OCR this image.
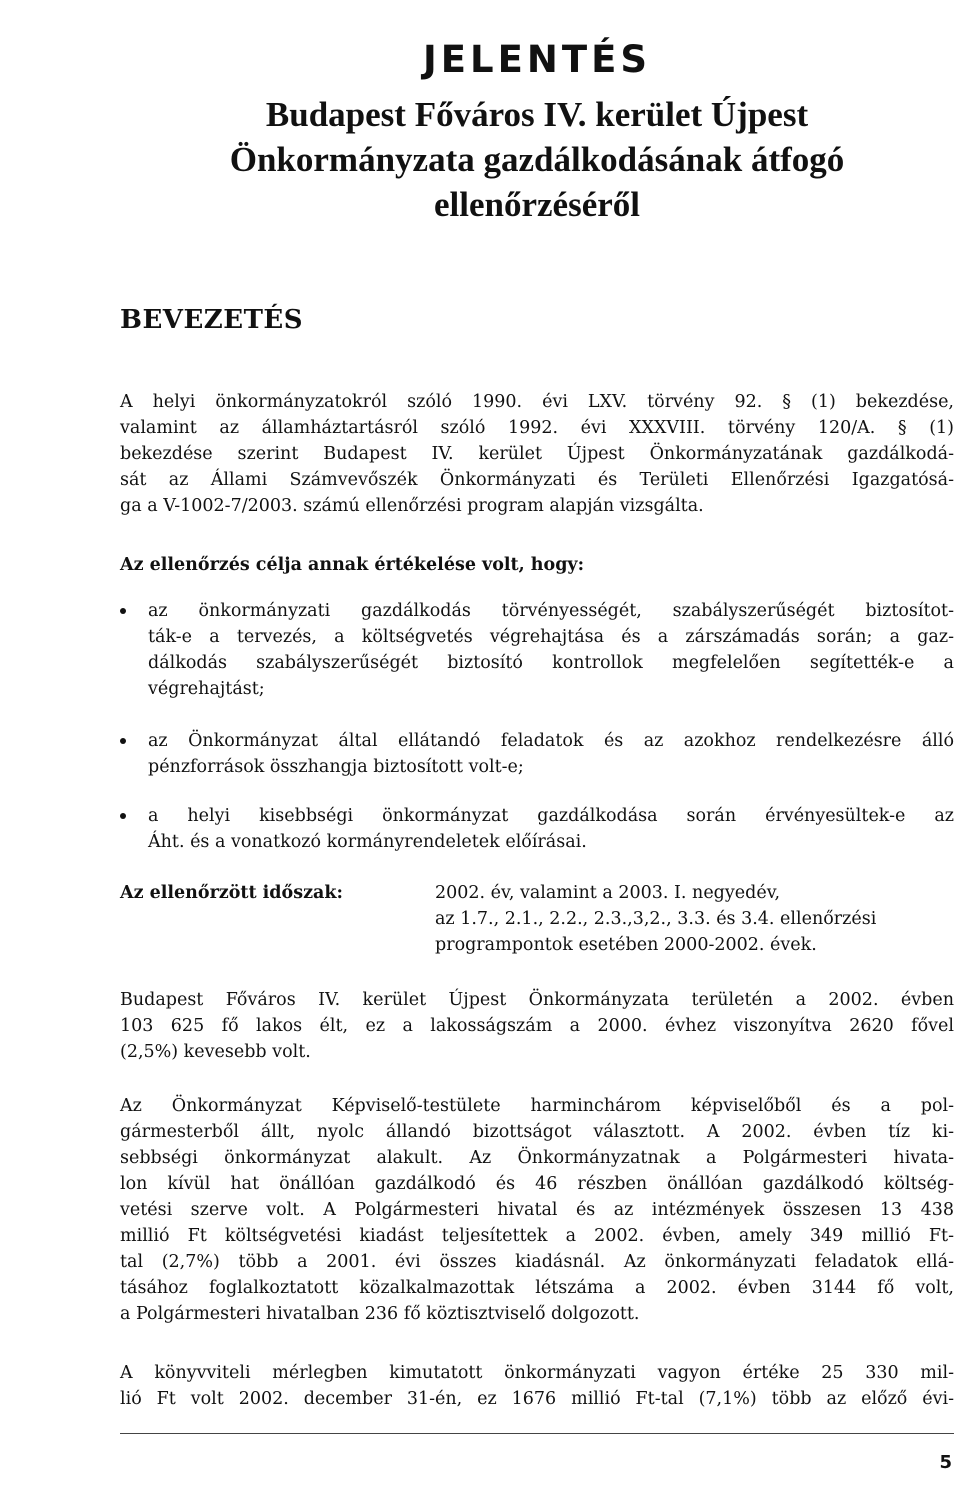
JELENTÉS
Budapest Főváros IV. kerület Újpest
Önkormányzata gazdálkodásának átfogó
ellenőrzéséről
BEVEZETÉS
A helyi önkormányzatokról szóló 1990. évi LXV. törvény 92. § (1) bekezdése,
valamint az államháztartásról szóló 1992. évi XXXVIII. törvény 120/A. § (1)
bekezdése szerint Budapest IV. kerület Újpest Önkormányzatának gazdálkodá-
sát az Állami Számvevőszék Önkormányzati és Területi Ellenőrzési Igazgatósá-
ga a V-1002-7/2003. számú ellenőrzési program alapján vizsgálta.
Az ellenőrzés célja annak értékelése volt, hogy:
az önkormányzati gazdálkodás törvényességét, szabályszerűségét biztosítot-
ták-e a tervezés, a költségvetés végrehajtása és a zárszámadás során; a gaz-
dálkodás szabályszerűségét biztosító kontrollok megfelelően segítették-e a
végrehajtást;
az Önkormányzat által ellátandó feladatok és az azokhoz rendelkezésre álló
pénzforrások összhangja biztosított volt-e;
a helyi kisebbségi önkormányzat gazdálkodása során érvényesültek-e az
Áht. és a vonatkozó kormányrendeletek előírásai.
Az ellenőrzött időszak:	2002. év, valamint a 2003. I. negyedév,
az 1.7., 2.1., 2.2., 2.3.,3,2., 3.3. és 3.4. ellenőrzési
programpontok esetében 2000-2002. évek.
Budapest Főváros IV. kerület Újpest Önkormányzata területén a 2002. évben
103 625 fő lakos élt, ez a lakosságszám a 2000. évhez viszonyítva 2620 fővel
(2,5%) kevesebb volt.
Az Önkormányzat Képviselő-testülete harminchárom képviselőből és a pol-
gármesterből állt, nyolc állandó bizottságot választott. A 2002. évben tíz ki-
sebbségi önkormányzat alakult. Az Önkormányzatnak a Polgármesteri hivata-
lon kívül hat önállóan gazdálkodó és 46 részben önállóan gazdálkodó költség-
vetési szerve volt. A Polgármesteri hivatal és az intézmények összesen 13 438
millió Ft költségvetési kiadást teljesítettek a 2002. évben, amely 349 millió Ft-
tal (2,7%) több a 2001. évi összes kiadásnál. Az önkormányzati feladatok ellá-
tásához foglalkoztatott közalkalmazottak létszáma a 2002. évben 3144 fő volt,
a Polgármesteri hivatalban 236 fő köztisztviselő dolgozott.
A könyvviteli mérlegben kimutatott önkormányzati vagyon értéke 25 330 mil-
lió Ft volt 2002. december 31-én, ez 1676 millió Ft-tal (7,1%) több az előző évi-
5
